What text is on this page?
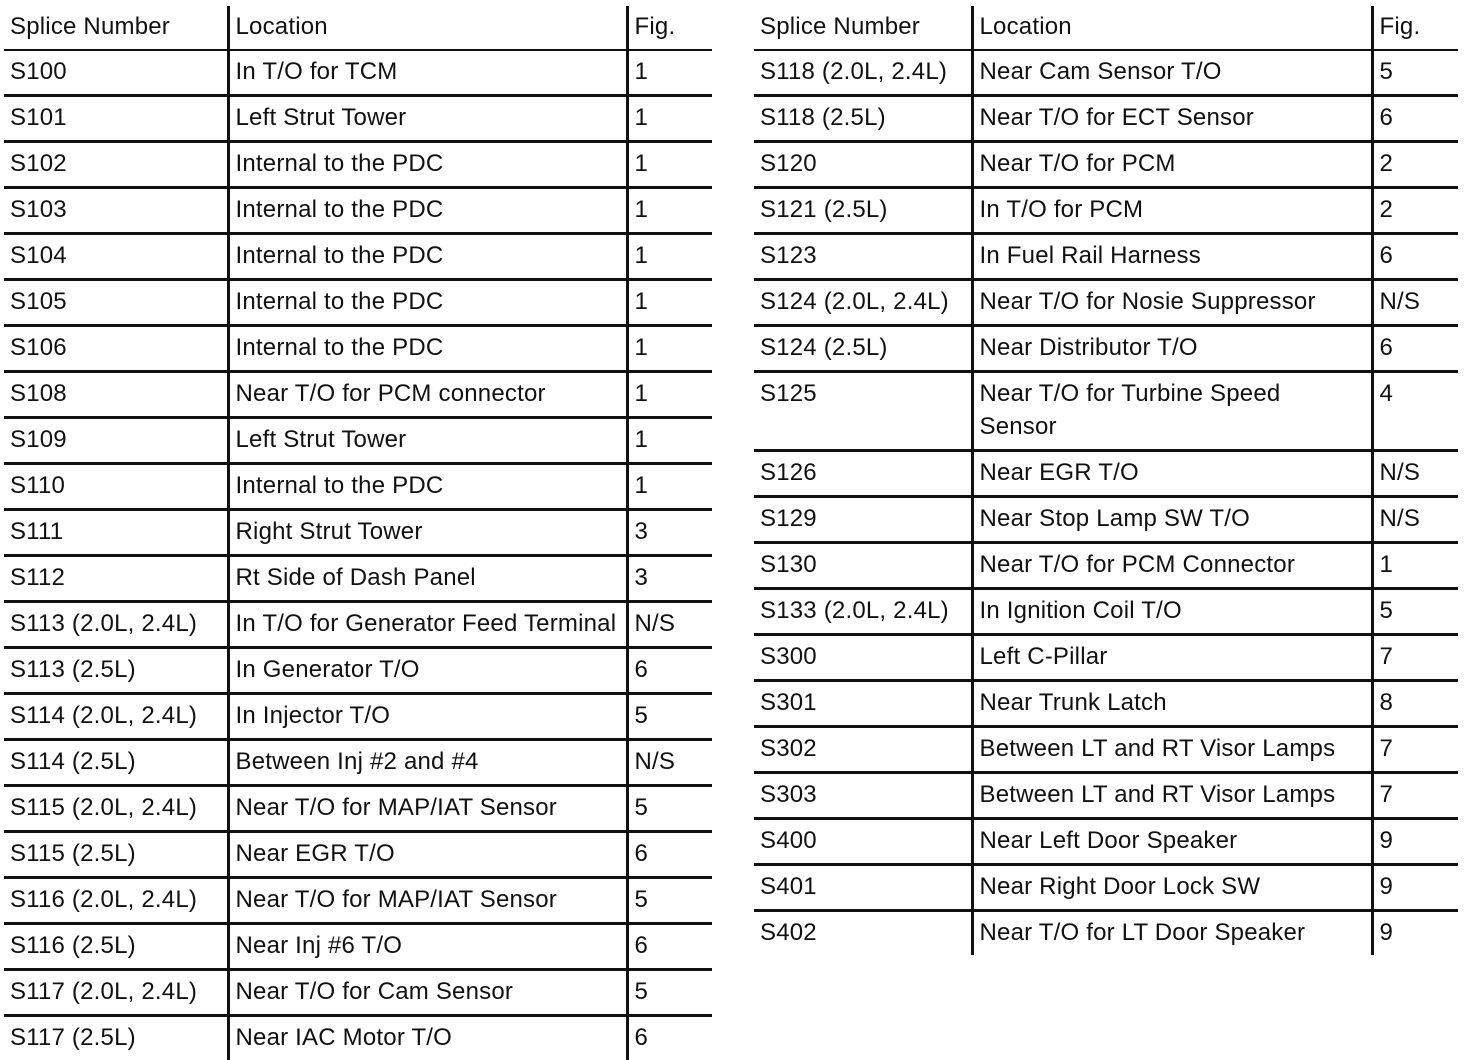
Splice Number	Location	Fig.
S100	In T/O for TCM	1
S101	Left Strut Tower	1
S102	Internal to the PDC	1
S103	Internal to the PDC	1
S104	Internal to the PDC	1
S105	Internal to the PDC	1
S106	Internal to the PDC	1
S108	Near T/O for PCM connector	1
S109	Left Strut Tower	1
S110	Internal to the PDC	1
S111	Right Strut Tower	3
S112	Rt Side of Dash Panel	3
S113 (2.0L, 2.4L)	In T/O for Generator Feed Terminal	N/S
S113 (2.5L)	In Generator T/O	6
S114 (2.0L, 2.4L)	In Injector T/O	5
S114 (2.5L)	Between Inj #2 and #4	N/S
S115 (2.0L, 2.4L)	Near T/O for MAP/IAT Sensor	5
S115 (2.5L)	Near EGR T/O	6
S116 (2.0L, 2.4L)	Near T/O for MAP/IAT Sensor	5
S116 (2.5L)	Near Inj #6 T/O	6
S117 (2.0L, 2.4L)	Near T/O for Cam Sensor	5
S117 (2.5L)	Near IAC Motor T/O	6
Splice Number	Location	Fig.
S118 (2.0L, 2.4L)	Near Cam Sensor T/O	5
S118 (2.5L)	Near T/O for ECT Sensor	6
S120	Near T/O for PCM	2
S121 (2.5L)	In T/O for PCM	2
S123	In Fuel Rail Harness	6
S124 (2.0L, 2.4L)	Near T/O for Nosie Suppressor	N/S
S124 (2.5L)	Near Distributor T/O	6
S125	Near T/O for Turbine Speed Sensor	4
S126	Near EGR T/O	N/S
S129	Near Stop Lamp SW T/O	N/S
S130	Near T/O for PCM Connector	1
S133 (2.0L, 2.4L)	In Ignition Coil T/O	5
S300	Left C-Pillar	7
S301	Near Trunk Latch	8
S302	Between LT and RT Visor Lamps	7
S303	Between LT and RT Visor Lamps	7
S400	Near Left Door Speaker	9
S401	Near Right Door Lock SW	9
S402	Near T/O for LT Door Speaker	9
